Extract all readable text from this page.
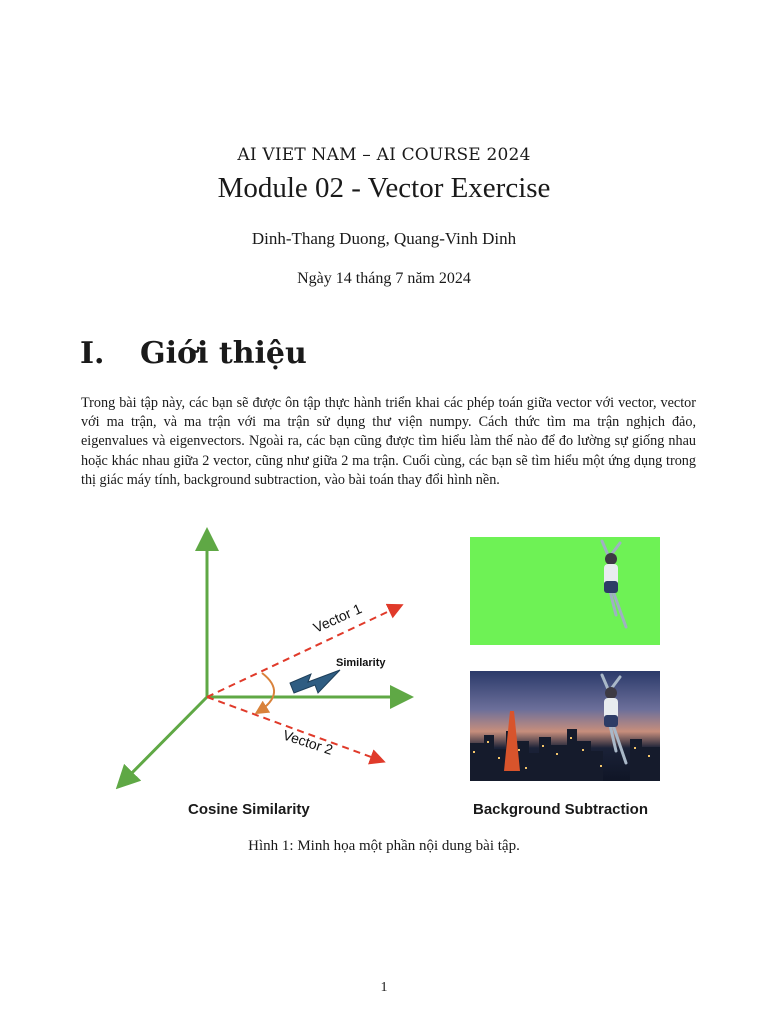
AI VIET NAM – AI COURSE 2024
Module 02 - Vector Exercise
Dinh-Thang Duong, Quang-Vinh Dinh
Ngày 14 tháng 7 năm 2024
I. Giới thiệu
Trong bài tập này, các bạn sẽ được ôn tập thực hành triển khai các phép toán giữa vector với vector, vector với ma trận, và ma trận với ma trận sử dụng thư viện numpy. Cách thức tìm ma trận nghịch đảo, eigenvalues và eigenvectors. Ngoài ra, các bạn cũng được tìm hiểu làm thế nào để đo lường sự giống nhau hoặc khác nhau giữa 2 vector, cũng như giữa 2 ma trận. Cuối cùng, các bạn sẽ tìm hiểu một ứng dụng trong thị giác máy tính, background subtraction, vào bài toán thay đổi hình nền.
Vector 1
Vector 2
Similarity
Cosine Similarity	Background Subtraction
Hình 1: Minh họa một phần nội dung bài tập.
1
